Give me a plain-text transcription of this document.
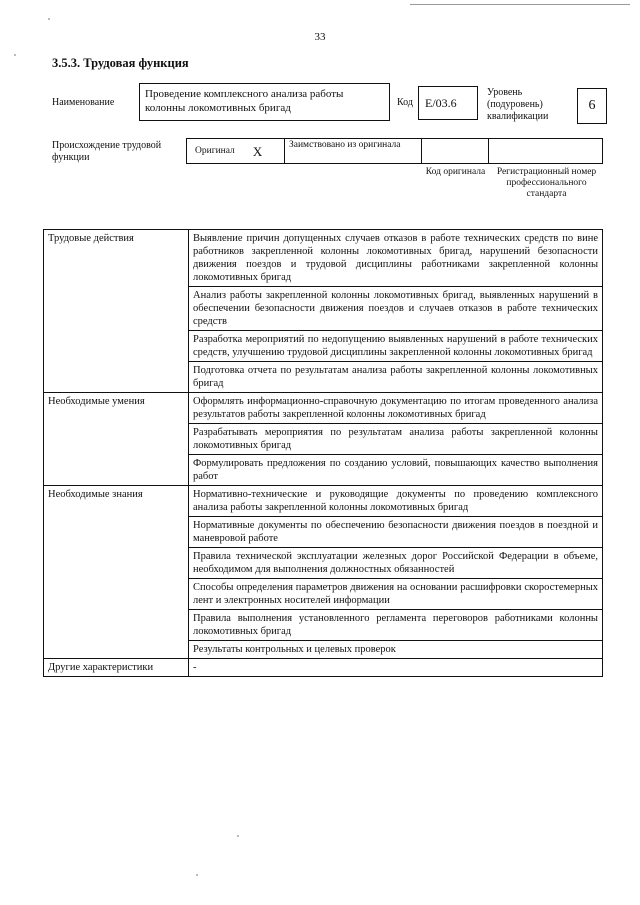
33
3.5.3. Трудовая функция
Наименование
Проведение комплексного анализа работы колонны локомотивных бригад	Код	Е/03.6
Уровень (подуровень) квалификации
6
Происхождение трудовой функции
Оригинал X	Заимствовано из оригинала
Код оригинала	Регистрационный номер профессионального стандарта
Трудовые действия	Выявление причин допущенных случаев отказов в работе технических средств по вине работников закрепленной колонны локомотивных бригад, нарушений безопасности движения поездов и трудовой дисциплины работниками закрепленной колонны локомотивных бригад
	Анализ работы закрепленной колонны локомотивных бригад, выявленных нарушений в обеспечении безопасности движения поездов и случаев отказов в работе технических средств
	Разработка мероприятий по недопущению выявленных нарушений в работе технических средств, улучшению трудовой дисциплины закрепленной колонны локомотивных бригад
	Подготовка отчета по результатам анализа работы закрепленной колонны локомотивных бригад
Необходимые умения	Оформлять информационно-справочную документацию по итогам проведенного анализа результатов работы закрепленной колонны локомотивных бригад
	Разрабатывать мероприятия по результатам анализа работы закрепленной колонны локомотивных бригад
	Формулировать предложения по созданию условий, повышающих качество выполнения работ
Необходимые знания	Нормативно-технические и руководящие документы по проведению комплексного анализа работы закрепленной колонны локомотивных бригад
	Нормативные документы по обеспечению безопасности движения поездов в поездной и маневровой работе
	Правила технической эксплуатации железных дорог Российской Федерации в объеме, необходимом для выполнения должностных обязанностей
	Способы определения параметров движения на основании расшифровки скоростемерных лент и электронных носителей информации
	Правила выполнения установленного регламента переговоров работниками колонны локомотивных бригад
	Результаты контрольных и целевых проверок
Другие характеристики	-
